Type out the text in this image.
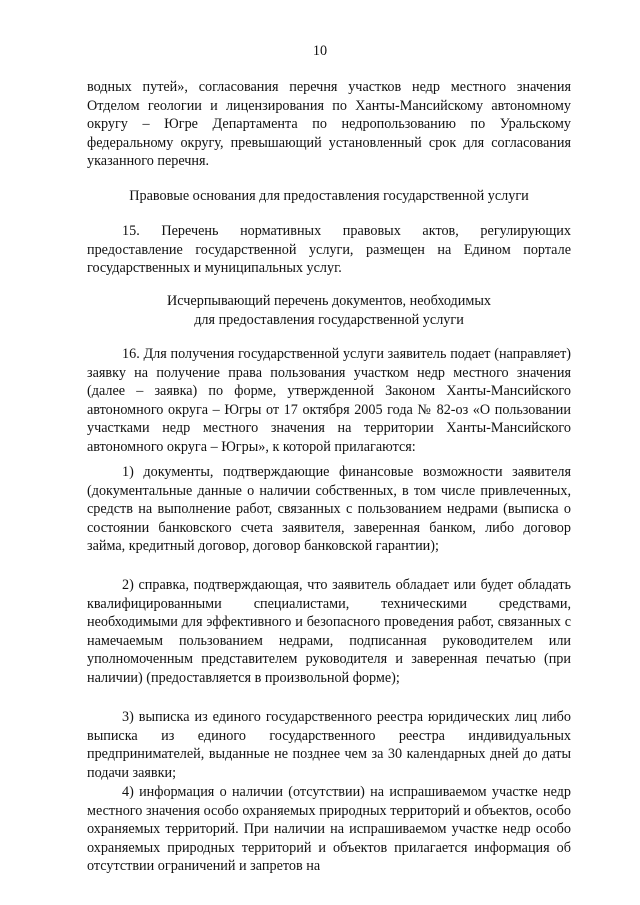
10

водных путей», согласования перечня участков недр местного значения Отделом геологии и лицензирования по Ханты-Мансийскому автономному округу – Югре Департамента по недропользованию по Уральскому федеральному округу, превышающий установленный срок для согласования указанного перечня.

Правовые основания для предоставления государственной услуги

15. Перечень нормативных правовых актов, регулирующих предоставление государственной услуги, размещен на Едином портале государственных и муниципальных услуг.

Исчерпывающий перечень документов, необходимых
для предоставления государственной услуги

16. Для получения государственной услуги заявитель подает (направляет) заявку на получение права пользования участком недр местного значения (далее – заявка) по форме, утвержденной Законом Ханты-Мансийского автономного округа – Югры от 17 октября 2005 года № 82-оз «О пользовании участками недр местного значения на территории Ханты-Мансийского автономного округа – Югры», к которой прилагаются:

1) документы, подтверждающие финансовые возможности заявителя (документальные данные о наличии собственных, в том числе привлеченных, средств на выполнение работ, связанных с пользованием недрами (выписка о состоянии банковского счета заявителя, заверенная банком, либо договор займа, кредитный договор, договор банковской гарантии);

2) справка, подтверждающая, что заявитель обладает или будет обладать квалифицированными специалистами, техническими средствами, необходимыми для эффективного и безопасного проведения работ, связанных с намечаемым пользованием недрами, подписанная руководителем или уполномоченным представителем руководителя и заверенная печатью (при наличии) (предоставляется в произвольной форме);

3) выписка из единого государственного реестра юридических лиц либо выписка из единого государственного реестра индивидуальных предпринимателей, выданные не позднее чем за 30 календарных дней до даты подачи заявки;

4) информация о наличии (отсутствии) на испрашиваемом участке недр местного значения особо охраняемых природных территорий и объектов, особо охраняемых территорий. При наличии на испрашиваемом участке недр особо охраняемых природных территорий и объектов прилагается информация об отсутствии ограничений и запретов на
